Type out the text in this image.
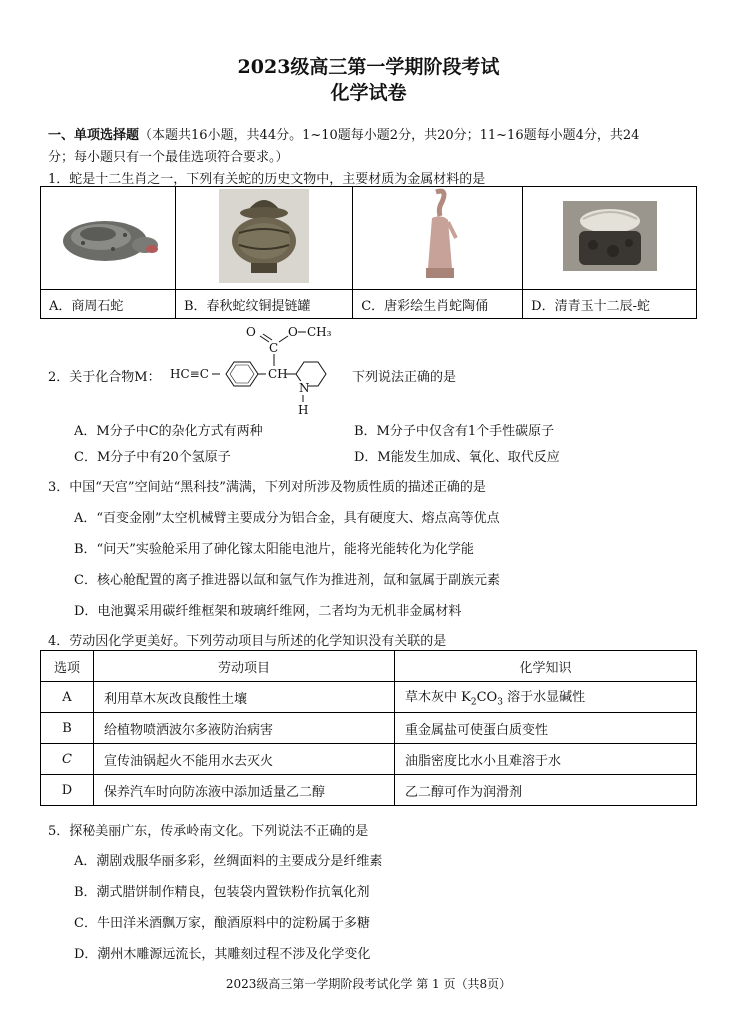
2023级高三第一学期阶段考试
化学试卷
一、单项选择题（本题共16小题，共44分。1~10题每小题2分，共20分；11~16题每小题4分，共24
分；每小题只有一个最佳选项符合要求。）
1．蛇是十二生肖之一，下列有关蛇的历史文物中，主要材质为金属材料的是

A．商周石蛇	B．春秋蛇纹铜提链罐	C．唐彩绘生肖蛇陶俑	D．清青玉十二辰-蛇
2．关于化合物M： HC≡C	CH
C
O	O CH₃
N
H
下列说法正确的是
A．M分子中C的杂化方式有两种	B．M分子中仅含有1个手性碳原子
C．M分子中有20个氢原子	D．M能发生加成、氧化、取代反应
3．中国“天宫”空间站“黑科技”满满，下列对所涉及物质性质的描述正确的是
A．“百变金刚”太空机械臂主要成分为铝合金，具有硬度大、熔点高等优点
B．“问天”实验舱采用了砷化镓太阳能电池片，能将光能转化为化学能
C．核心舱配置的离子推进器以氙和氩气作为推进剂，氙和氩属于副族元素
D．电池翼采用碳纤维框架和玻璃纤维网，二者均为无机非金属材料
4．劳动因化学更美好。下列劳动项目与所述的化学知识没有关联的是
选项	劳动项目	化学知识
A	利用草木灰改良酸性土壤	草木灰中 $K_2CO_3$ 溶于水显碱性
B	给植物喷洒波尔多液防治病害	重金属盐可使蛋白质变性
C	宣传油锅起火不能用水去灭火	油脂密度比水小且难溶于水
D	保养汽车时向防冻液中添加适量乙二醇	乙二醇可作为润滑剂
5．探秘美丽广东，传承岭南文化。下列说法不正确的是
A．潮剧戏服华丽多彩，丝绸面料的主要成分是纤维素
B．潮式腊饼制作精良，包装袋内置铁粉作抗氧化剂
C．牛田洋米酒飘万家，酿酒原料中的淀粉属于多糖
D．潮州木雕源远流长，其雕刻过程不涉及化学变化
2023级高三第一学期阶段考试化学 第 1 页（共8页）
